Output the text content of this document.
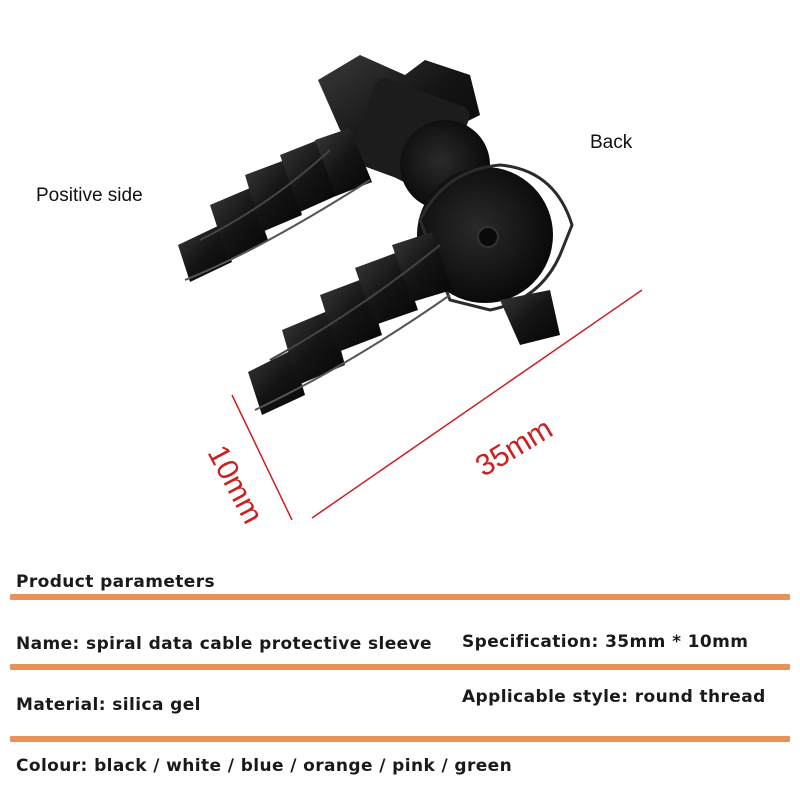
Positive side
Back
35mm
10mm
Product parameters
Name: spiral data cable protective sleeve Specification: 35mm * 10mm
Material: silica gel	Applicable style: round thread
Colour: black / white / blue / orange / pink / green
